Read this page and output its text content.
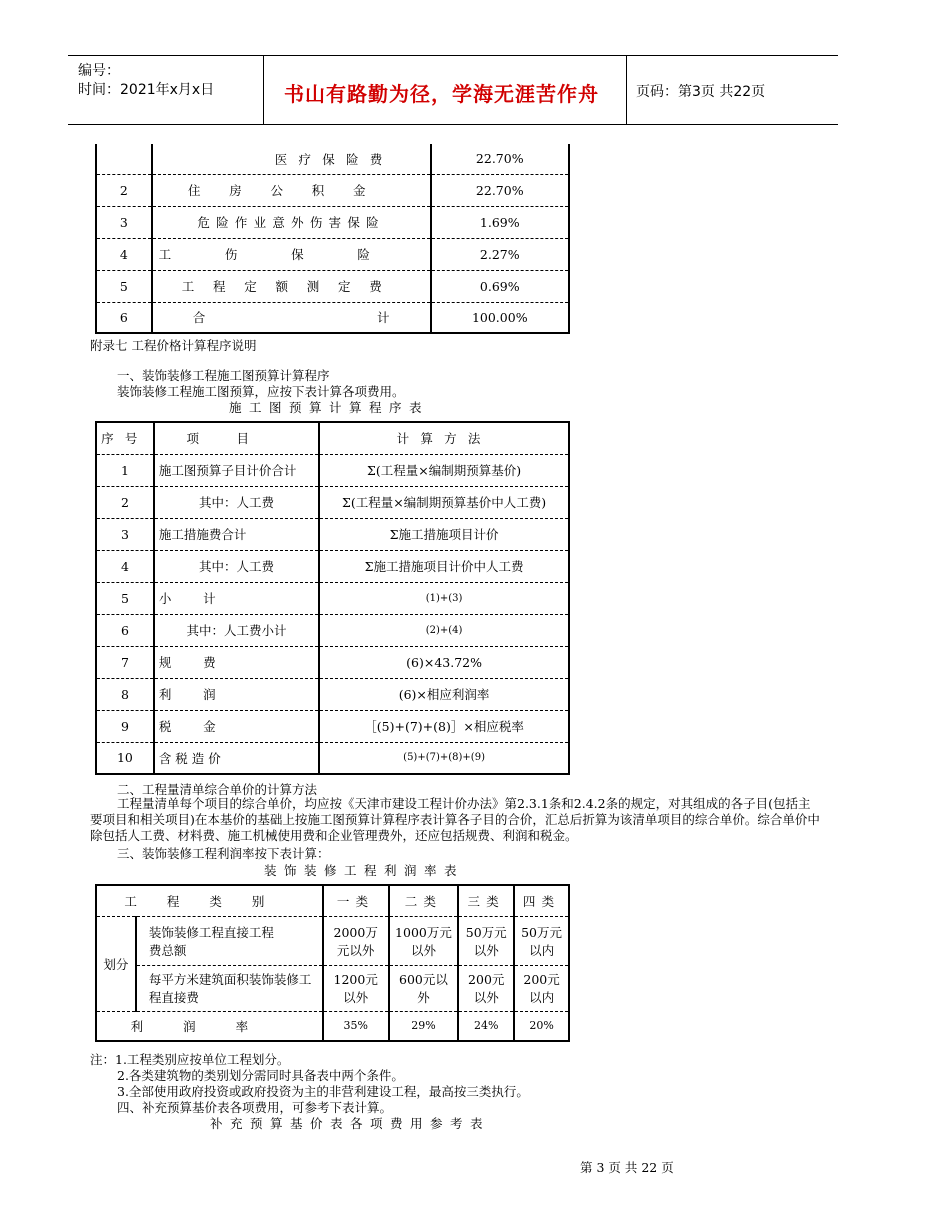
编号：
时间：2021年x月x日	书山有路勤为径，学海无涯苦作舟	页码：第3页 共22页
	医疗保险费	22.70%
2	住房公积金	22.70%
3	危险作业意外伤害保险	1.69%
4	工伤保险	2.27%
5	工程定额测定费	0.69%
6	合 计	100.00%
附录七 工程价格计算程序说明
一、装饰装修工程施工图预算计算程序
装饰装修工程施工图预算，应按下表计算各项费用。
施工图预算计算程序表
序号	项目	计算方法
1	施工图预算子目计价合计	Σ(工程量×编制期预算基价)
2	其中：人工费	Σ(工程量×编制期预算基价中人工费)
3	施工措施费合计	Σ施工措施项目计价
4	其中：人工费	Σ施工措施项目计价中人工费
5	小        计	(1)+(3)
6	其中：人工费小计	(2)+(4)
7	规        费	(6)×43.72%
8	利        润	(6)×相应利润率
9	税        金	［(5)+(7)+(8)］×相应税率
10	含 税 造 价	(5)+(7)+(8)+(9)
二、工程量清单综合单价的计算方法
工程量清单每个项目的综合单价，均应按《天津市建设工程计价办法》第2.3.1条和2.4.2条的规定，对其组成的各子目(包括主要项目和相关项目)在本基价的基础上按施工图预算计算程序表计算各子目的合价，汇总后折算为该清单项目的综合单价。综合单价中除包括人工费、材料费、施工机械使用费和企业管理费外，还应包括规费、利润和税金。
三、装饰装修工程利润率按下表计算：
装饰装修工程利润率表
工程类别		一类	二类	三类	四类
划分	装饰装修工程直接工程费总额	2000万元以外	1000万元以外	50万元以外	50万元以内
	每平方米建筑面积装饰装修工程直接费	1200元以外	600元以外	200元以外	200元以内
利润率		35%	29%	24%	20%
注：1.工程类别应按单位工程划分。
2.各类建筑物的类别划分需同时具备表中两个条件。
3.全部使用政府投资或政府投资为主的非营利建设工程，最高按三类执行。
四、补充预算基价表各项费用，可参考下表计算。
补充预算基价表各项费用参考表
第 3 页 共 22 页
